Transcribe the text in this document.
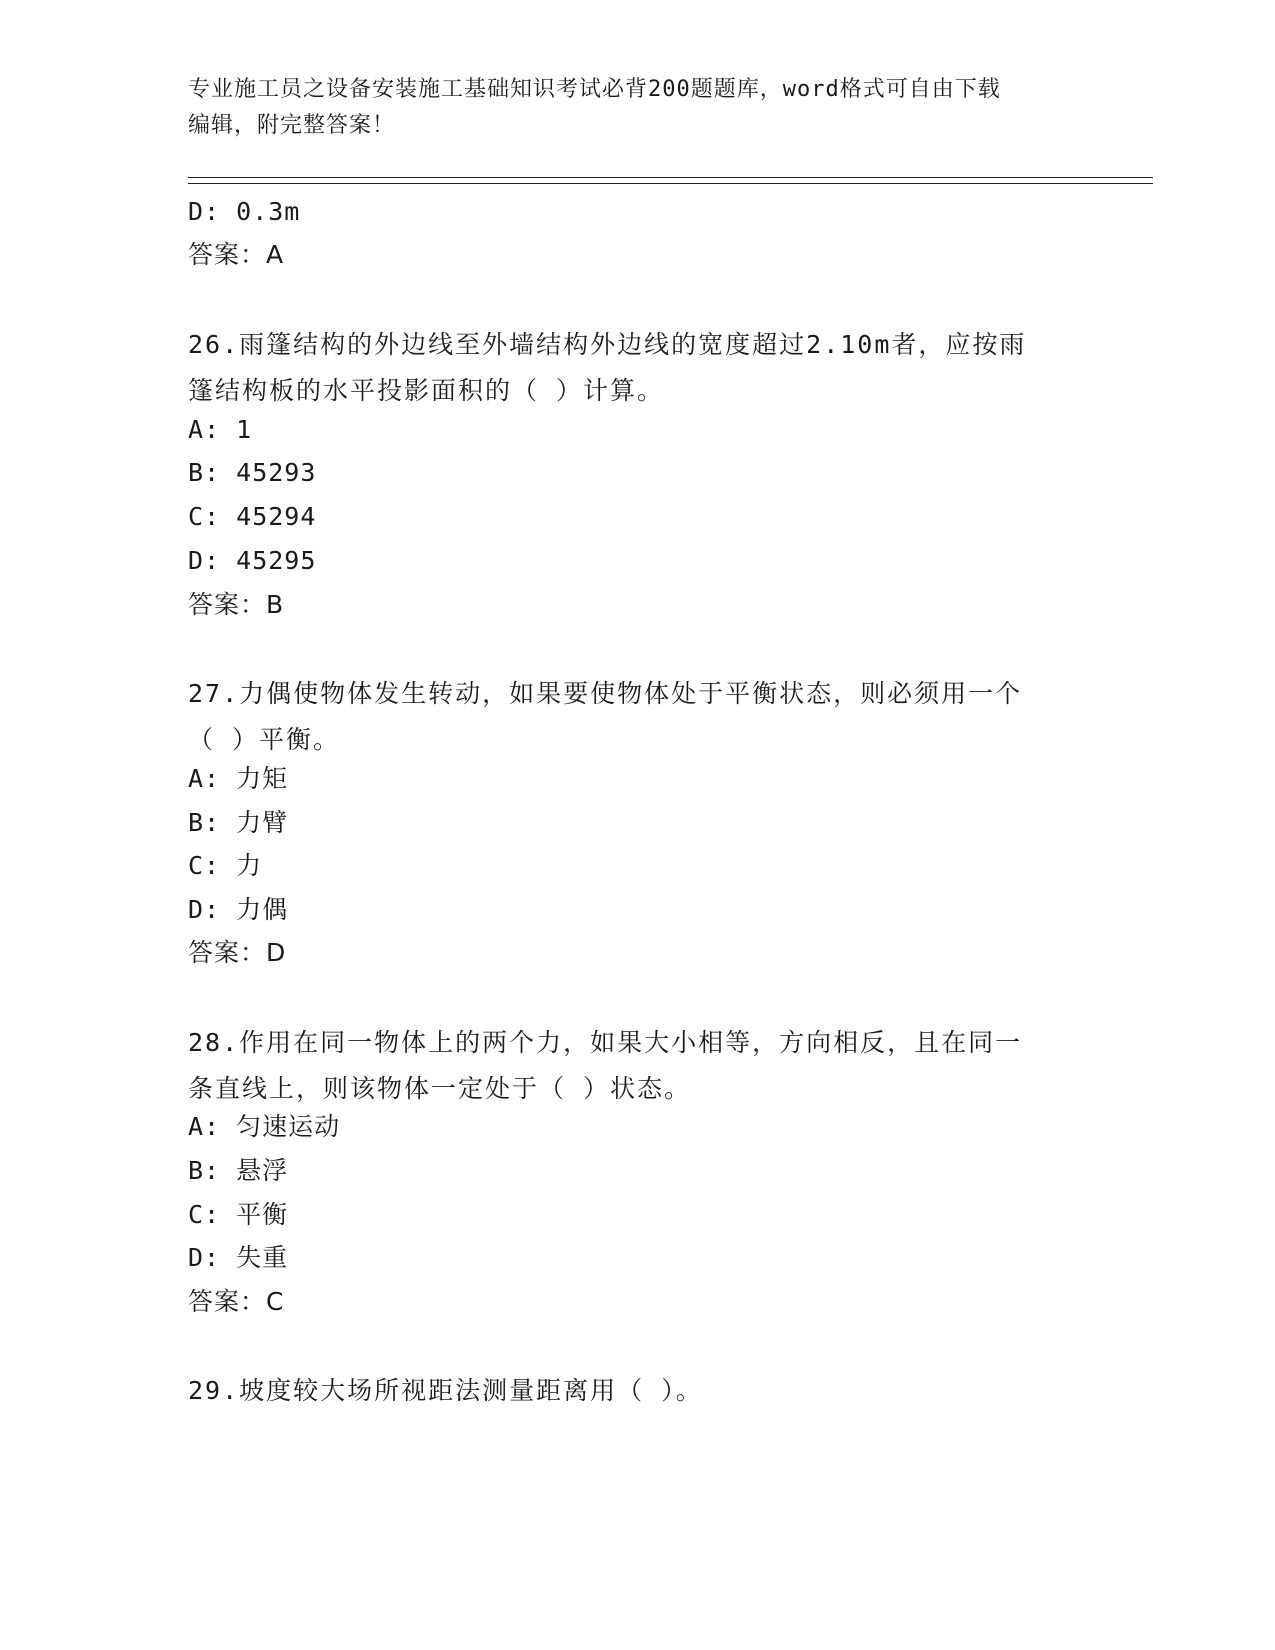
专业施工员之设备安装施工基础知识考试必背200题题库，word格式可自由下载
编辑，附完整答案！
D: 0.3m
答案：A
26.雨篷结构的外边线至外墙结构外边线的宽度超过2.10m者，应按雨
篷结构板的水平投影面积的（ ）计算。
A: 1
B: 45293
C: 45294
D: 45295
答案：B
27.力偶使物体发生转动，如果要使物体处于平衡状态，则必须用一个
（ ）平衡。
A: 力矩
B: 力臂
C: 力
D: 力偶
答案：D
28.作用在同一物体上的两个力，如果大小相等，方向相反，且在同一
条直线上，则该物体一定处于（ ）状态。
A: 匀速运动
B: 悬浮
C: 平衡
D: 失重
答案：C
29.坡度较大场所视距法测量距离用（ ）。
